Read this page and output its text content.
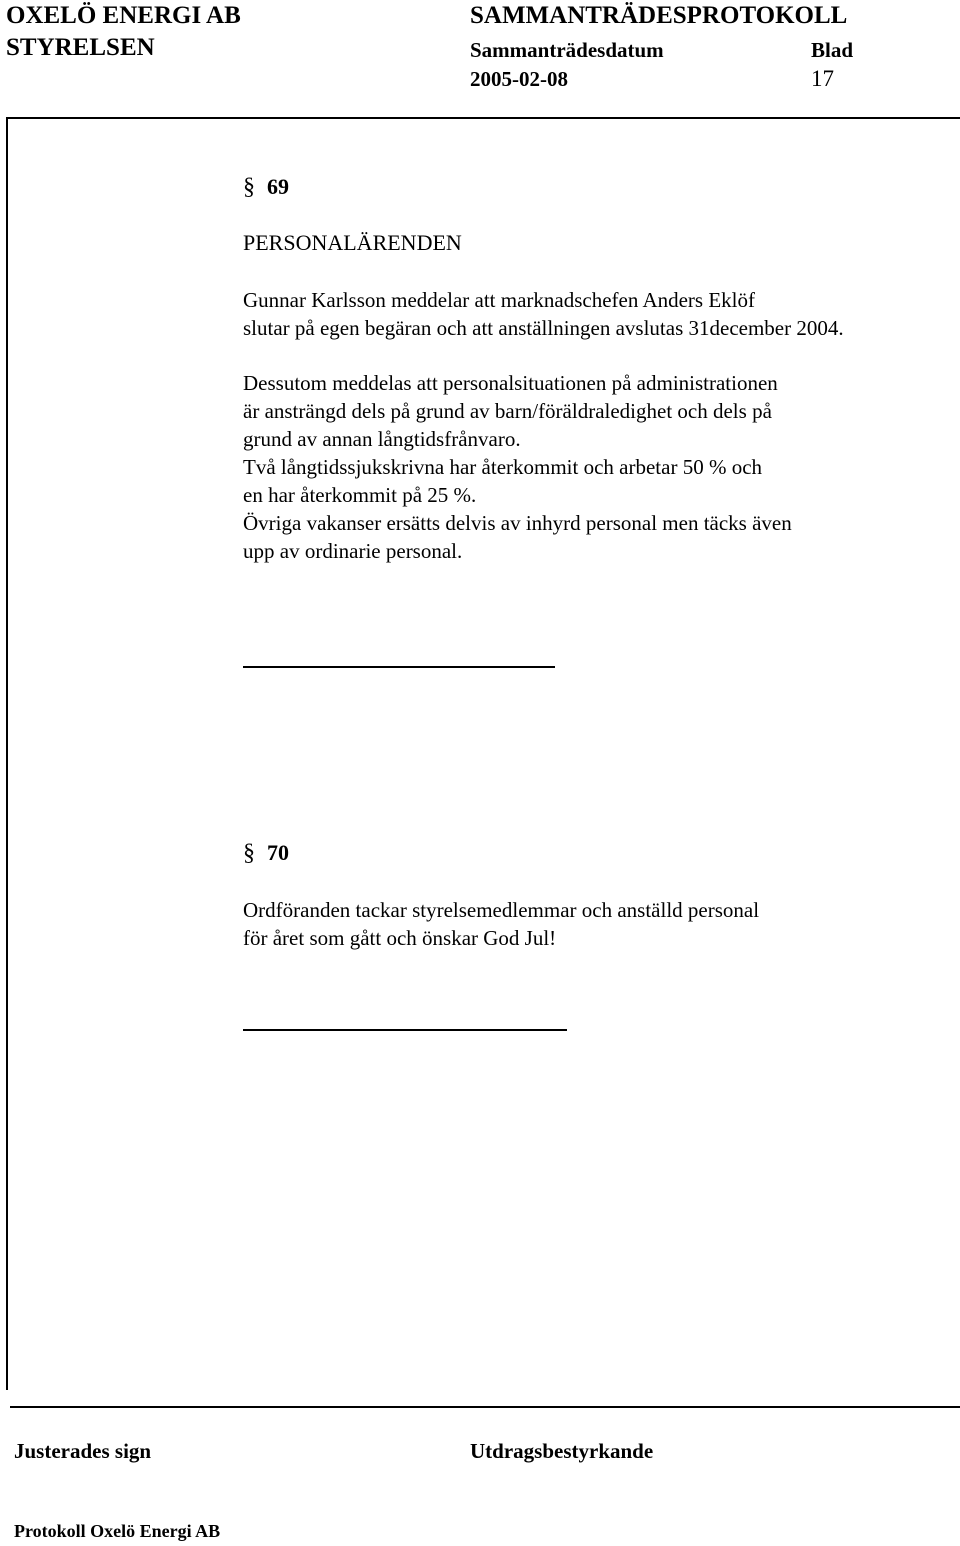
OXELÖ ENERGI AB
STYRELSEN
SAMMANTRÄDESPROTOKOLL
Sammanträdesdatum	Blad
2005-02-08	17
§ 69
PERSONALÄRENDEN
Gunnar Karlsson meddelar att marknadschefen Anders Eklöf
slutar på egen begäran och att anställningen avslutas 31december 2004.
Dessutom meddelas att personalsituationen på administrationen
är ansträngd dels på grund av barn/föräldraledighet och dels på
grund av annan långtidsfrånvaro.
Två långtidssjukskrivna har återkommit och arbetar 50 % och
en har återkommit på 25 %.
Övriga vakanser ersätts delvis av inhyrd personal men täcks även
upp av ordinarie personal.
§ 70
Ordföranden tackar styrelsemedlemmar och anställd personal
för året som gått och önskar God Jul!
Justerades sign	Utdragsbestyrkande
Protokoll Oxelö Energi AB
